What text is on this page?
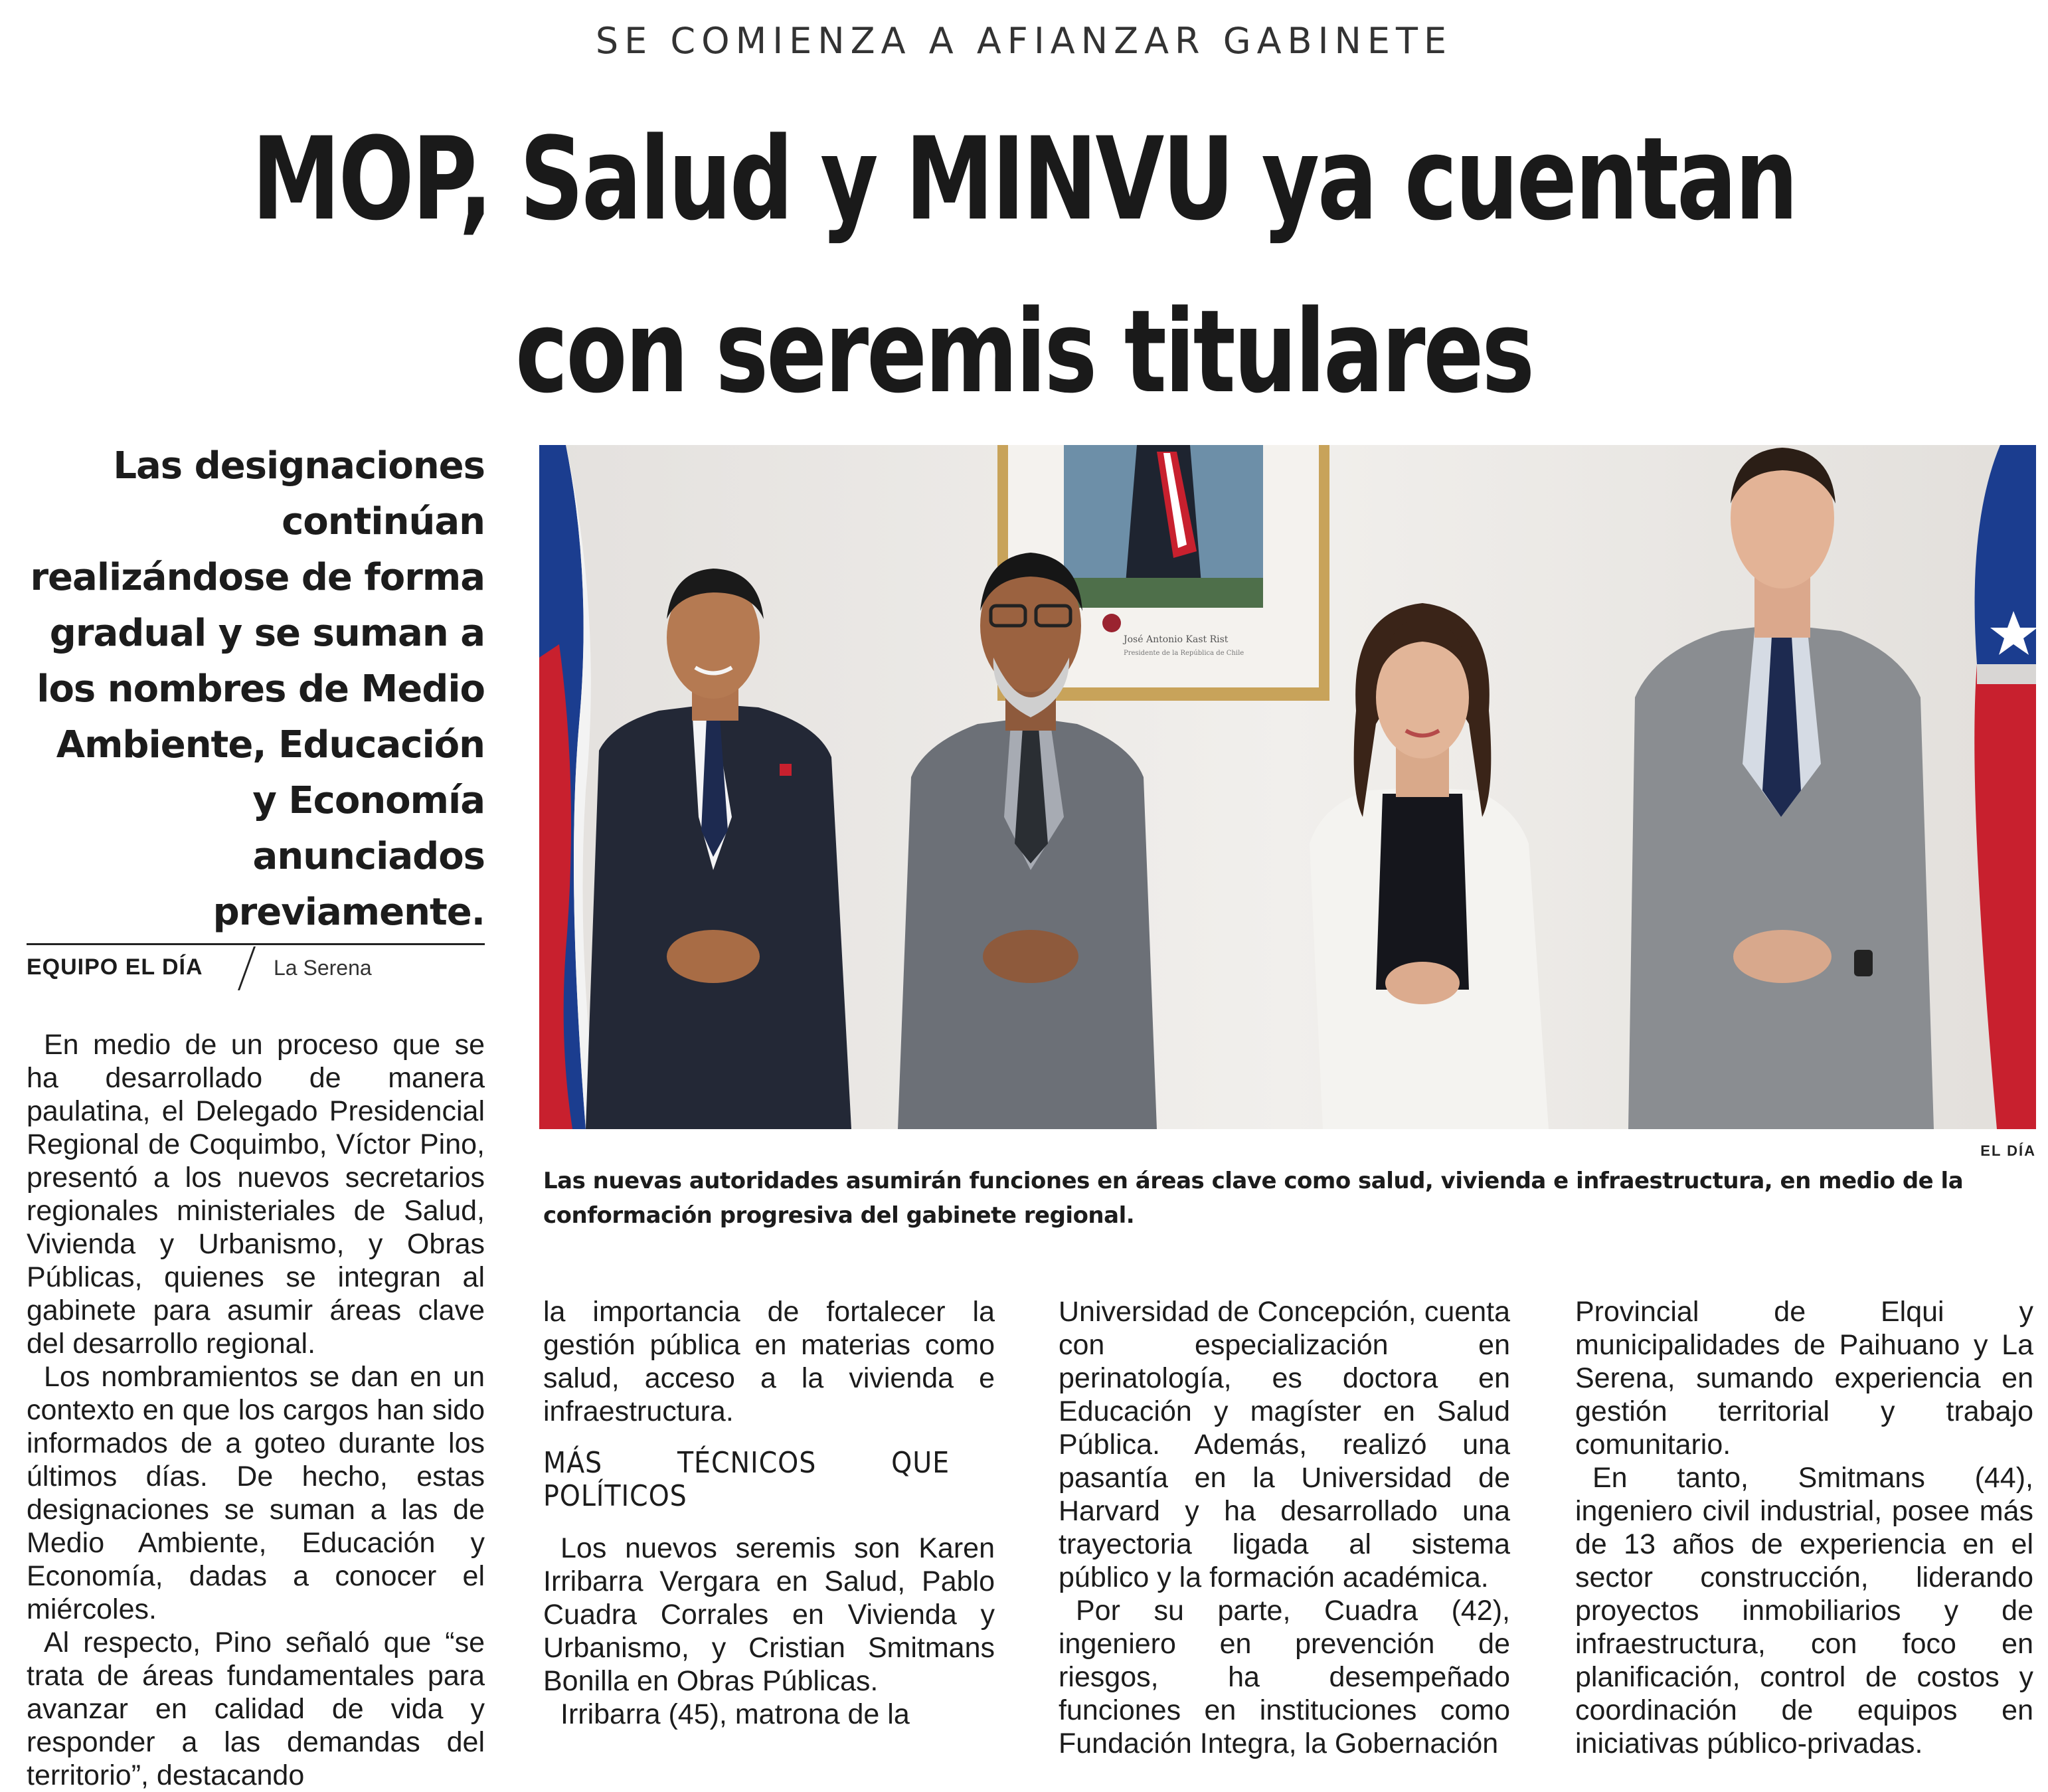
SE COMIENZA A AFIANZAR GABINETE
MOP, Salud y MINVU ya cuentan
con seremis titulares
Las designaciones continúan realizándose de forma gradual y se suman a los nombres de Medio Ambiente, Educación y Economía anunciados previamente.
EQUIPO EL DÍA	La Serena
José Antonio Kast Rist
Presidente de la República de Chile
EL DÍA
Las nuevas autoridades asumirán funciones en áreas clave como salud, vivienda e infraestructura, en medio de la conformación progresiva del gabinete regional.

En medio de un proceso que se ha desarrollado de manera paulatina, el Delegado Presidencial Regional de Coquimbo, Víctor Pino, presentó a los nuevos secretarios regionales ministeriales de Salud, Vivienda y Urbanismo, y Obras Públicas, quienes se integran al gabinete para asumir áreas clave del desarrollo regional.

Los nombramientos se dan en un contexto en que los cargos han sido informados de a goteo durante los últimos días. De hecho, estas designaciones se suman a las de Medio Ambiente, Educación y Economía, dadas a conocer el miércoles.

Al respecto, Pino señaló que “se trata de áreas fundamentales para avanzar en calidad de vida y responder a las demandas del territorio”, destacando

la importancia de fortalecer la gestión pública en materias como salud, acceso a la vivienda e infraestructura.

MÁS TÉCNICOS QUE POLÍTICOS

Los nuevos seremis son Karen Irribarra Vergara en Salud, Pablo Cuadra Corrales en Vivienda y Urbanismo, y Cristian Smitmans Bonilla en Obras Públicas.

Irribarra (45), matrona de la

Universidad de Concepción, cuenta con especialización en perinatología, es doctora en Educación y magíster en Salud Pública. Además, realizó una pasantía en la Universidad de Harvard y ha desarrollado una trayectoria ligada al sistema público y la formación académica.

Por su parte, Cuadra (42), ingeniero en prevención de riesgos, ha desempeñado funciones en instituciones como Fundación Integra, la Gobernación

Provincial de Elqui y municipalidades de Paihuano y La Serena, sumando experiencia en gestión territorial y trabajo comunitario.

En tanto, Smitmans (44), ingeniero civil industrial, posee más de 13 años de experiencia en el sector construcción, liderando proyectos inmobiliarios y de infraestructura, con foco en planificación, control de costos y coordinación de equipos en iniciativas público-privadas.
